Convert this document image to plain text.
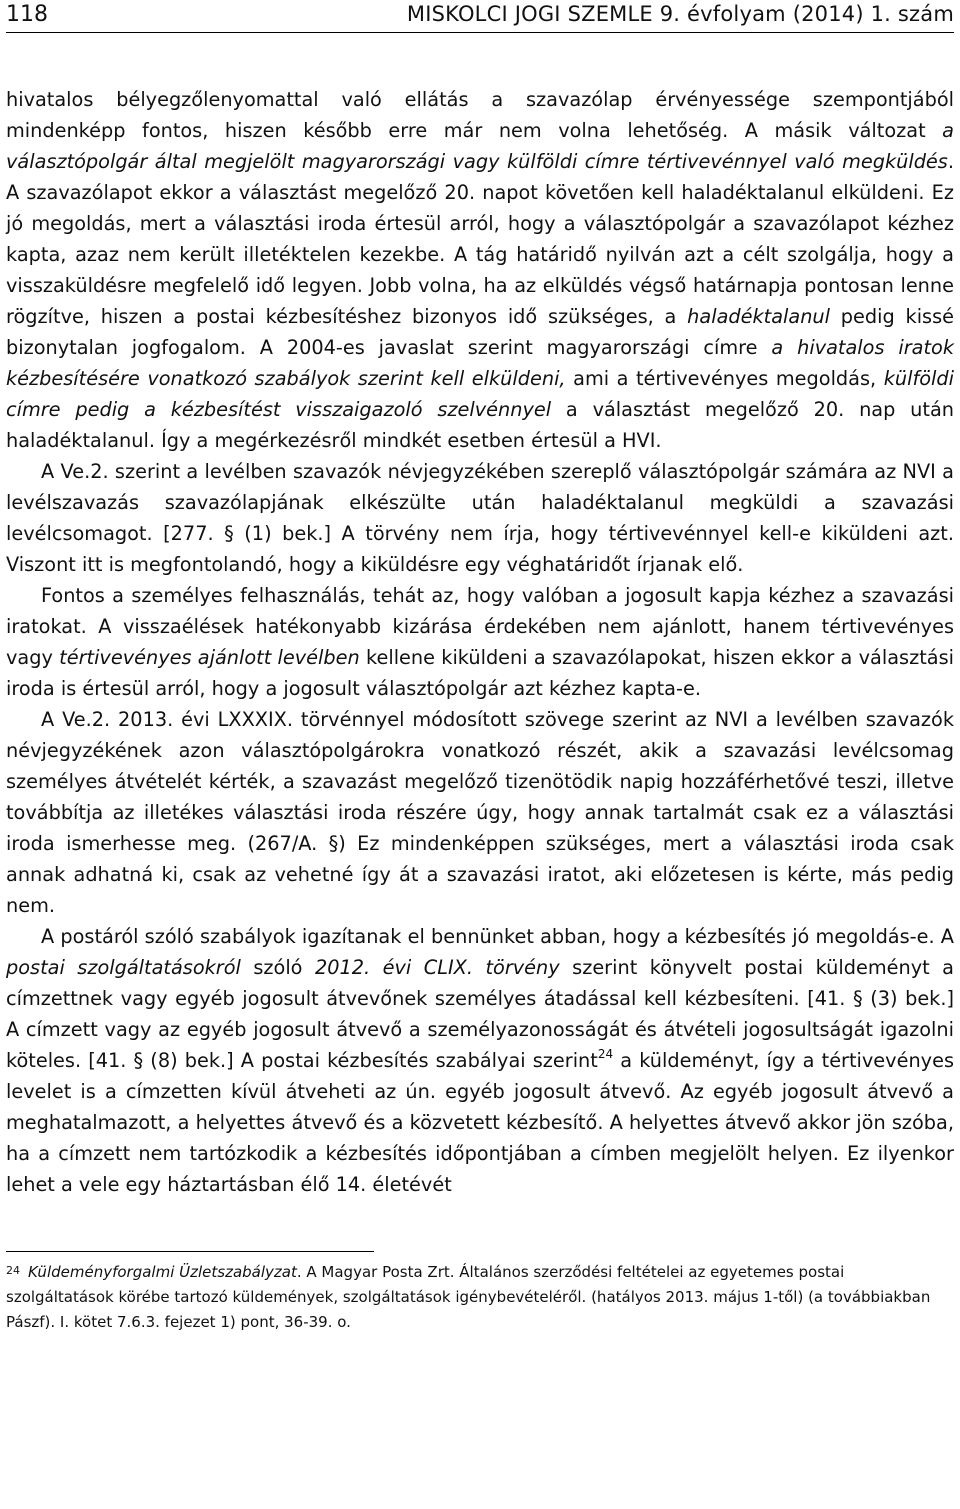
118	MISKOLCI JOGI SZEMLE 9. évfolyam (2014) 1. szám

hivatalos bélyegzőlenyomattal való ellátás a szavazólap érvényessége szempontjából mindenképp fontos, hiszen később erre már nem volna lehetőség. A másik változat a választópolgár által megjelölt magyarországi vagy külföldi címre tértivevénnyel való megküldés. A szavazólapot ekkor a választást megelőző 20. napot követően kell haladéktalanul elküldeni. Ez jó megoldás, mert a választási iroda értesül arról, hogy a választópolgár a szavazólapot kézhez kapta, azaz nem került illetéktelen kezekbe. A tág határidő nyilván azt a célt szolgálja, hogy a visszaküldésre megfelelő idő legyen. Jobb volna, ha az elküldés végső határnapja pontosan lenne rögzítve, hiszen a postai kézbesítéshez bizonyos idő szükséges, a haladéktalanul pedig kissé bizonytalan jogfogalom. A 2004-es javaslat szerint magyarországi címre a hivatalos iratok kézbesítésére vonatkozó szabályok szerint kell elküldeni, ami a tértivevényes megoldás, külföldi címre pedig a kézbesítést visszaigazoló szelvénnyel a választást megelőző 20. nap után haladéktalanul. Így a megérkezésről mindkét esetben értesül a HVI.

A Ve.2. szerint a levélben szavazók névjegyzékében szereplő választópolgár számára az NVI a levélszavazás szavazólapjának elkészülte után haladéktalanul megküldi a szavazási levélcsomagot. [277. § (1) bek.] A törvény nem írja, hogy tértivevénnyel kell-e kiküldeni azt. Viszont itt is megfontolandó, hogy a kiküldésre egy véghatáridőt írjanak elő.

Fontos a személyes felhasználás, tehát az, hogy valóban a jogosult kapja kézhez a szavazási iratokat. A visszaélések hatékonyabb kizárása érdekében nem ajánlott, hanem tértivevényes vagy tértivevényes ajánlott levélben kellene kiküldeni a szavazólapokat, hiszen ekkor a választási iroda is értesül arról, hogy a jogosult választópolgár azt kézhez kapta-e.

A Ve.2. 2013. évi LXXXIX. törvénnyel módosított szövege szerint az NVI a levélben szavazók névjegyzékének azon választópolgárokra vonatkozó részét, akik a szavazási levélcsomag személyes átvételét kérték, a szavazást megelőző tizenötödik napig hozzáférhetővé teszi, illetve továbbítja az illetékes választási iroda részére úgy, hogy annak tartalmát csak ez a választási iroda ismerhesse meg. (267/A. §) Ez mindenképpen szükséges, mert a választási iroda csak annak adhatná ki, csak az vehetné így át a szavazási iratot, aki előzetesen is kérte, más pedig nem.

A postáról szóló szabályok igazítanak el bennünket abban, hogy a kézbesítés jó megoldás-e. A postai szolgáltatásokról szóló 2012. évi CLIX. törvény szerint könyvelt postai küldeményt a címzettnek vagy egyéb jogosult átvevőnek személyes átadással kell kézbesíteni. [41. § (3) bek.] A címzett vagy az egyéb jogosult átvevő a személyazonosságát és átvételi jogosultságát igazolni köteles. [41. § (8) bek.] A postai kézbesítés szabályai szerint$^{24}$ a küldeményt, így a tértivevényes levelet is a címzetten kívül átveheti az ún. egyéb jogosult átvevő. Az egyéb jogosult átvevő a meghatalmazott, a helyettes átvevő és a közvetett kézbesítő. A helyettes átvevő akkor jön szóba, ha a címzett nem tartózkodik a kézbesítés időpontjában a címben megjelölt helyen. Ez ilyenkor lehet a vele egy háztartásban élő 14. életévét

$^{24}$ Küldeményforgalmi Üzletszabályzat. A Magyar Posta Zrt. Általános szerződési feltételei az egyetemes postai szolgáltatások körébe tartozó küldemények, szolgáltatások igénybevételéről. (hatályos 2013. május 1-től) (a továbbiakban Pászf). I. kötet 7.6.3. fejezet 1) pont, 36-39. o.
